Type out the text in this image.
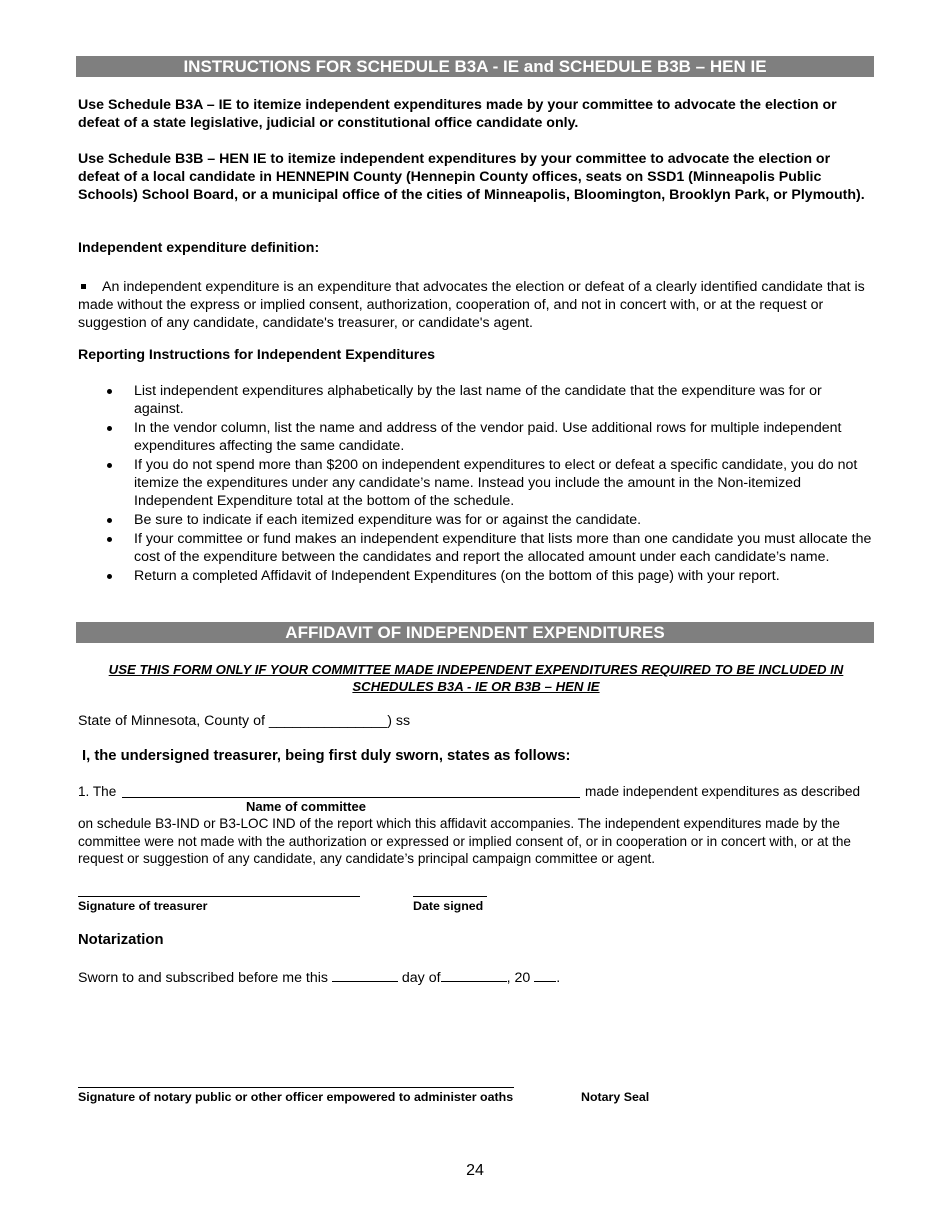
INSTRUCTIONS FOR SCHEDULE B3A - IE and SCHEDULE B3B – HEN IE
Use Schedule B3A – IE to itemize independent expenditures made by your committee to advocate the election or defeat of a state legislative, judicial or constitutional office candidate only.
Use Schedule B3B – HEN IE to itemize independent expenditures by your committee to advocate the election or defeat of a local candidate in HENNEPIN County (Hennepin County offices, seats on SSD1 (Minneapolis Public Schools) School Board, or a municipal office of the cities of Minneapolis, Bloomington, Brooklyn Park, or Plymouth).
Independent expenditure definition:
An independent expenditure is an expenditure that advocates the election or defeat of a clearly identified candidate that is made without the express or implied consent, authorization, cooperation of, and not in concert with, or at the request or suggestion of any candidate, candidate's treasurer, or candidate's agent.
Reporting Instructions for Independent Expenditures
List independent expenditures alphabetically by the last name of the candidate that the expenditure was for or against.
In the vendor column, list the name and address of the vendor paid. Use additional rows for multiple independent expenditures affecting the same candidate.
If you do not spend more than $200 on independent expenditures to elect or defeat a specific candidate, you do not itemize the expenditures under any candidate’s name. Instead you include the amount in the Non-itemized Independent Expenditure total at the bottom of the schedule.
Be sure to indicate if each itemized expenditure was for or against the candidate.
If your committee or fund makes an independent expenditure that lists more than one candidate you must allocate the cost of the expenditure between the candidates and report the allocated amount under each candidate’s name.
Return a completed Affidavit of Independent Expenditures (on the bottom of this page) with your report.
AFFIDAVIT OF INDEPENDENT EXPENDITURES
USE THIS FORM ONLY IF YOUR COMMITTEE MADE INDEPENDENT EXPENDITURES REQUIRED TO BE INCLUDED IN
SCHEDULES B3A - IE OR B3B – HEN IE
State of Minnesota, County of _______________) ss
I, the undersigned treasurer, being first duly sworn, states as follows:
1. The	made independent expenditures as described
Name of committee
on schedule B3-IND or B3-LOC IND of the report which this affidavit accompanies. The independent expenditures made by the committee were not made with the authorization or expressed or implied consent of, or in cooperation or in concert with, or at the request or suggestion of any candidate, any candidate’s principal campaign committee or agent.
Signature of treasurer	Date signed
Notarization
Sworn to and subscribed before me this	day of	, 20 .
Signature of notary public or other officer empowered to administer oaths	Notary Seal
24
